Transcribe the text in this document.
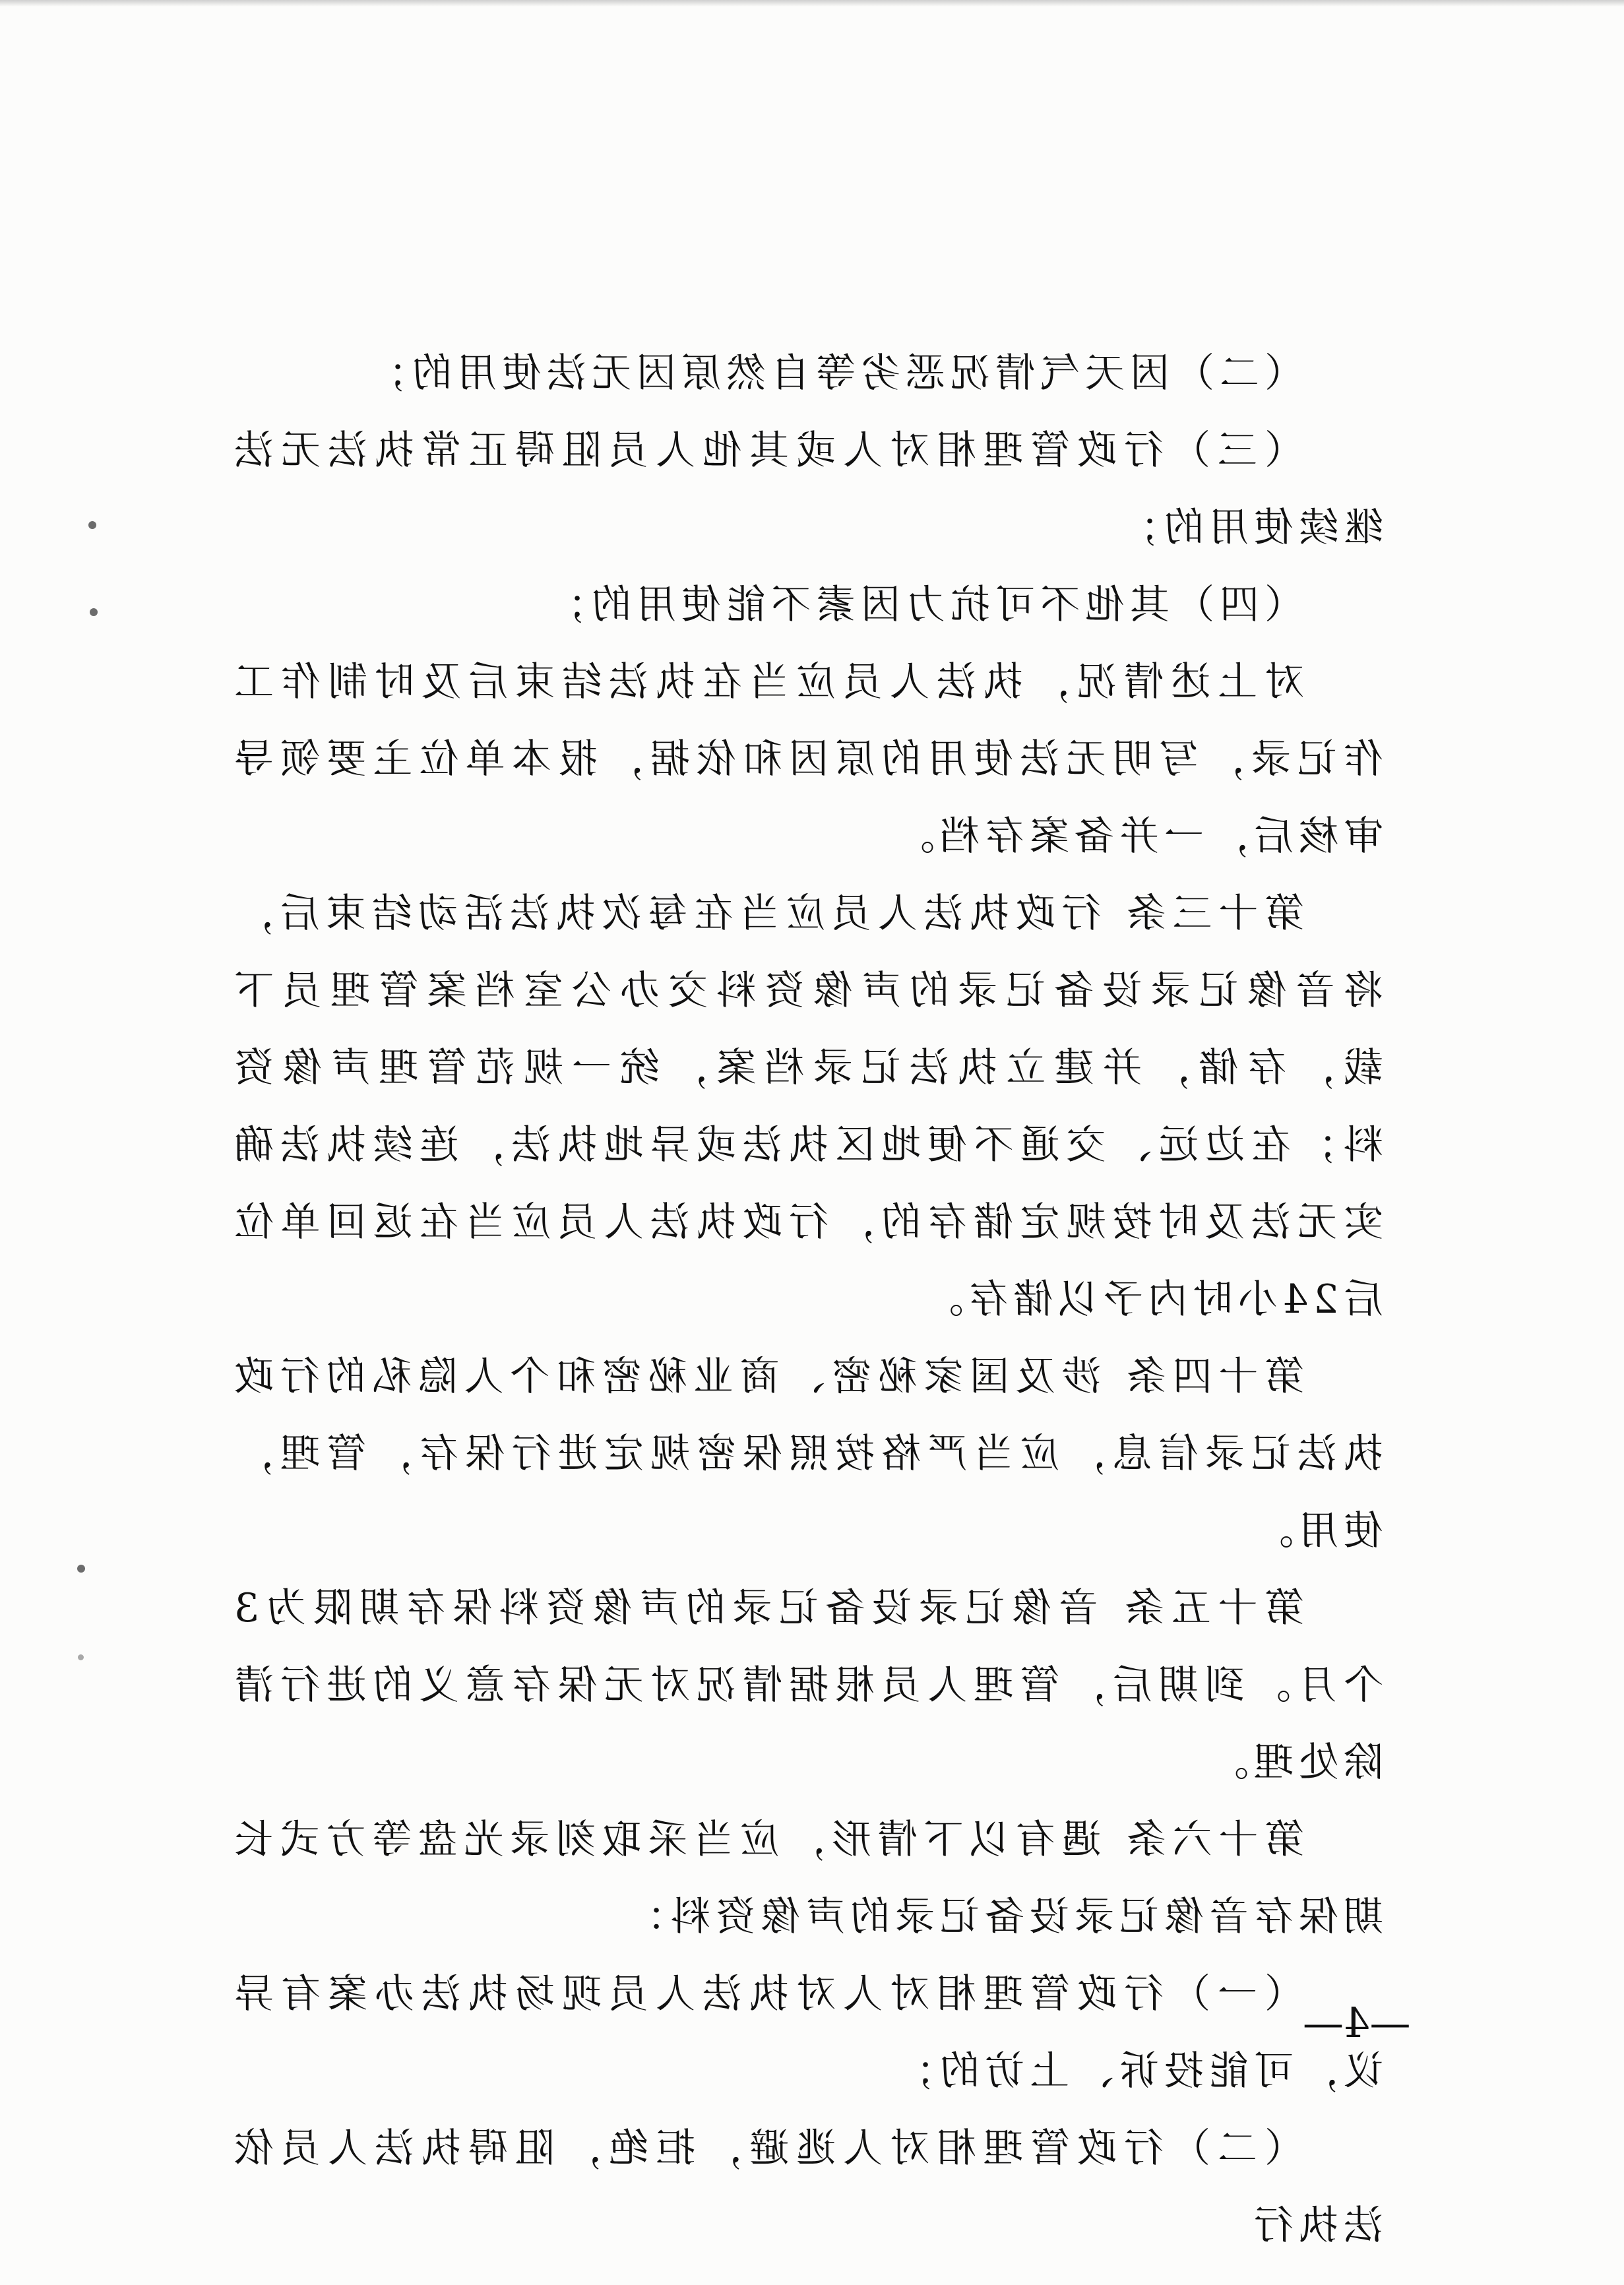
（二）因天气情况恶劣等自然原因无法使用的；

（三）行政管理相对人或其他人员阻碍正常执法无法继续使用的；

（四）其他不可抗力因素不能使用的；

对上述情况，执法人员应当在执法结束后及时制作工作记录，写明无法使用的原因和依据，报本单位主要领导审核后，一并备案存档。

第十三条 行政执法人员应当在每次执法活动结束后，将音像记录设备记录的声像资料交办公室档案管理员下载，存储，并建立执法记录档案，统一规范管理声像资料；在边远、交通不便地区执法或异地执法，连续执法确实无法及时按规定储存的，行政执法人员应当在返回单位后24小时内予以储存。

第十四条 涉及国家秘密、商业秘密和个人隐私的行政执法记录信息，应当严格按照保密规定进行保存，管理，使用。

第十五条 音像记录设备记录的声像资料保存期限为3个月。到期后，管理人员根据情况对无保存意义的进行清除处理。

第十六条 遇有以下情形，应当采取刻录光盘等方式长期保存音像记录设备记录的声像资料：

（一）行政管理相对人对执法人员现场执法办案有异议，可能投诉、上访的；

（二）行政管理相对人逃避，拒绝，阻碍执法人员依法执行

—4—
